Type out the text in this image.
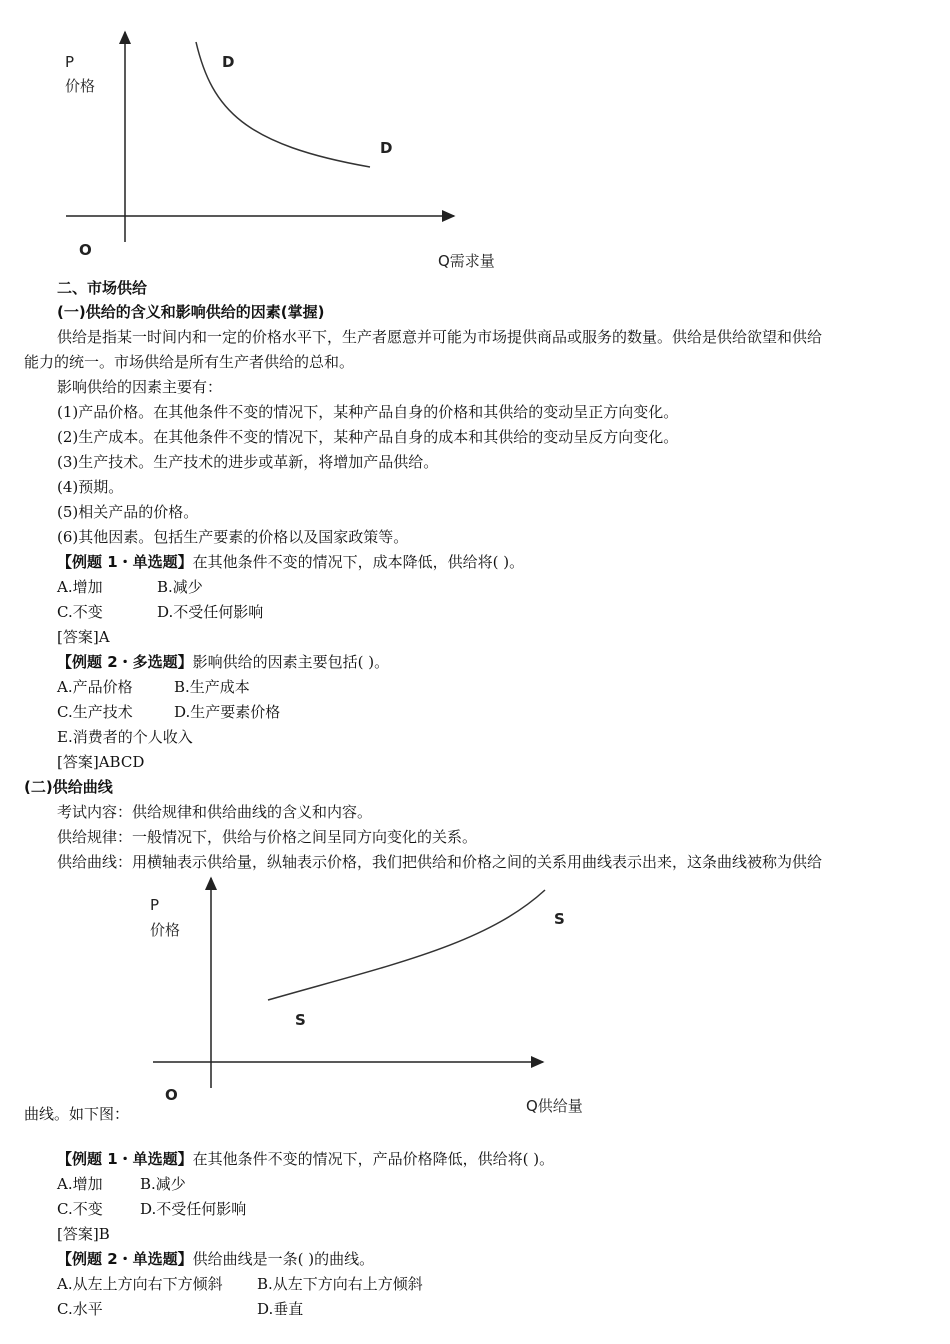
P
价格
D
D
O
Q需求量
二、市场供给
(一)供给的含义和影响供给的因素(掌握)
供给是指某一时间内和一定的价格水平下，生产者愿意并可能为市场提供商品或服务的数量。供给是供给欲望和供给
能力的统一。市场供给是所有生产者供给的总和。
影响供给的因素主要有：
(1)产品价格。在其他条件不变的情况下，某种产品自身的价格和其供给的变动呈正方向变化。
(2)生产成本。在其他条件不变的情况下，某种产品自身的成本和其供给的变动呈反方向变化。
(3)生产技术。生产技术的进步或革新，将增加产品供给。
(4)预期。
(5)相关产品的价格。
(6)其他因素。包括生产要素的价格以及国家政策等。
【例题 1・单选题】在其他条件不变的情况下，成本降低，供给将( )。
A.增加	B.减少
C.不变	D.不受任何影响
[答案]A
【例题 2・多选题】影响供给的因素主要包括( )。
A.产品价格	B.生产成本
C.生产技术	D.生产要素价格
E.消费者的个人收入
[答案]ABCD
(二)供给曲线
考试内容：供给规律和供给曲线的含义和内容。
供给规律：一般情况下，供给与价格之间呈同方向变化的关系。
供给曲线：用横轴表示供给量，纵轴表示价格，我们把供给和价格之间的关系用曲线表示出来，这条曲线被称为供给
P
价格
S
S
O
Q供给量
曲线。如下图：
【例题 1・单选题】在其他条件不变的情况下，产品价格降低，供给将( )。
A.增加 B.减少
C.不变 D.不受任何影响
[答案]B
【例题 2・单选题】供给曲线是一条( )的曲线。
A.从左上方向右下方倾斜 B.从左下方向右上方倾斜
C.水平	D.垂直
